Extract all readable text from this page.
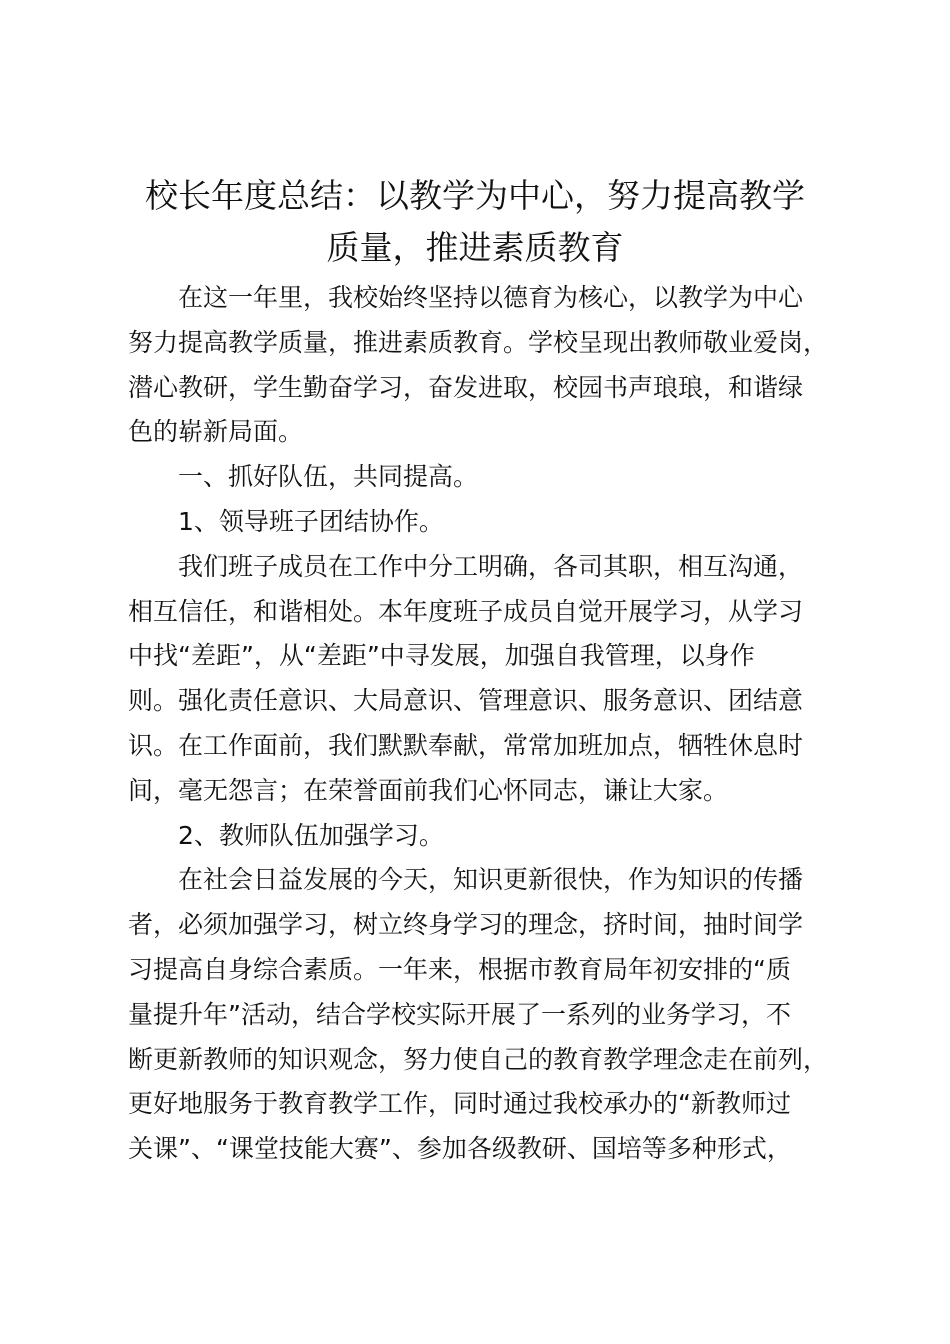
校长年度总结：以教学为中心，努力提高教学
质量，推进素质教育

在这一年里，我校始终坚持以德育为核心，以教学为中心
努力提高教学质量，推进素质教育。学校呈现出教师敬业爱岗，
潜心教研，学生勤奋学习，奋发进取，校园书声琅琅，和谐绿
色的崭新局面。

一、抓好队伍，共同提高。

1、领导班子团结协作。

我们班子成员在工作中分工明确，各司其职，相互沟通，
相互信任，和谐相处。本年度班子成员自觉开展学习，从学习
中找“差距”，从“差距”中寻发展，加强自我管理，以身作
则。强化责任意识、大局意识、管理意识、服务意识、团结意
识。在工作面前，我们默默奉献，常常加班加点，牺牲休息时
间，毫无怨言；在荣誉面前我们心怀同志，谦让大家。

2、教师队伍加强学习。

在社会日益发展的今天，知识更新很快，作为知识的传播
者，必须加强学习，树立终身学习的理念，挤时间，抽时间学
习提高自身综合素质。一年来，根据市教育局年初安排的“质
量提升年”活动，结合学校实际开展了一系列的业务学习，不
断更新教师的知识观念，努力使自己的教育教学理念走在前列，
更好地服务于教育教学工作，同时通过我校承办的“新教师过
关课”、“课堂技能大赛”、参加各级教研、国培等多种形式，
